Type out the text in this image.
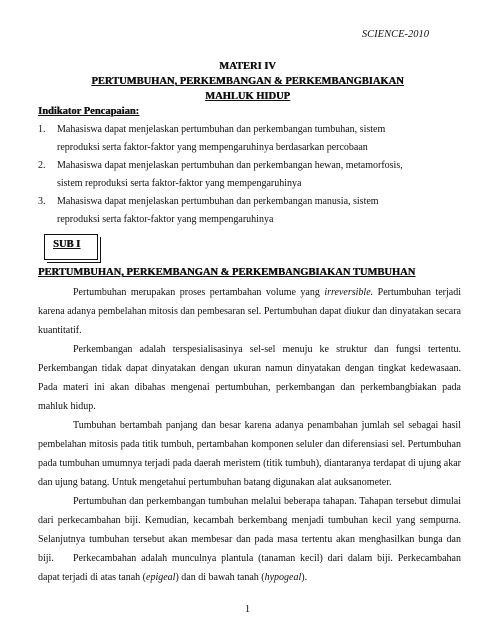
SCIENCE-2010
MATERI IV
PERTUMBUHAN, PERKEMBANGAN & PERKEMBANGBIAKAN
MAHLUK HIDUP
Indikator Pencapaian:
1. Mahasiswa dapat menjelaskan pertumbuhan dan perkembangan tumbuhan, sistem
reproduksi serta faktor-faktor yang mempengaruhinya berdasarkan percobaan
2. Mahasiswa dapat menjelaskan pertumbuhan dan perkembangan hewan, metamorfosis,
sistem reproduksi serta faktor-faktor yang mempengaruhinya
3. Mahasiswa dapat menjelaskan pertumbuhan dan perkembangan manusia, sistem
reproduksi serta faktor-faktor yang mempengaruhinya
SUB I
PERTUMBUHAN, PERKEMBANGAN & PERKEMBANGBIAKAN TUMBUHAN

Pertumbuhan merupakan proses pertambahan volume yang irreversible. Pertumbuhan terjadi karena adanya pembelahan mitosis dan pembesaran sel. Pertumbuhan dapat diukur dan dinyatakan secara kuantitatif.

Perkembangan adalah terspesialisasinya sel-sel menuju ke struktur dan fungsi tertentu. Perkembangan tidak dapat dinyatakan dengan ukuran namun dinyatakan dengan tingkat kedewasaan. Pada materi ini akan dibahas mengenai pertumbuhan, perkembangan dan perkembangbiakan pada mahluk hidup.

Tumbuhan bertambah panjang dan besar karena adanya penambahan jumlah sel sebagai hasil pembelahan mitosis pada titik tumbuh, pertambahan komponen seluler dan diferensiasi sel. Pertumbuhan pada tumbuhan umumnya terjadi pada daerah meristem (titik tumbuh), diantaranya terdapat di ujung akar dan ujung batang. Untuk mengetahui pertumbuhan batang digunakan alat auksanometer.

Pertumbuhan dan perkembangan tumbuhan melalui beberapa tahapan. Tahapan tersebut dimulai dari perkecambahan biji. Kemudian, kecambah berkembang menjadi tumbuhan kecil yang sempurna. Selanjutnya tumbuhan tersebut akan membesar dan pada masa tertentu akan menghasilkan bunga dan biji.	Perkecambahan adalah munculnya plantula (tanaman kecil) dari dalam biji. Perkecambahan dapat terjadi di atas tanah (epigeal) dan di bawah tanah (hypogeal).

1
